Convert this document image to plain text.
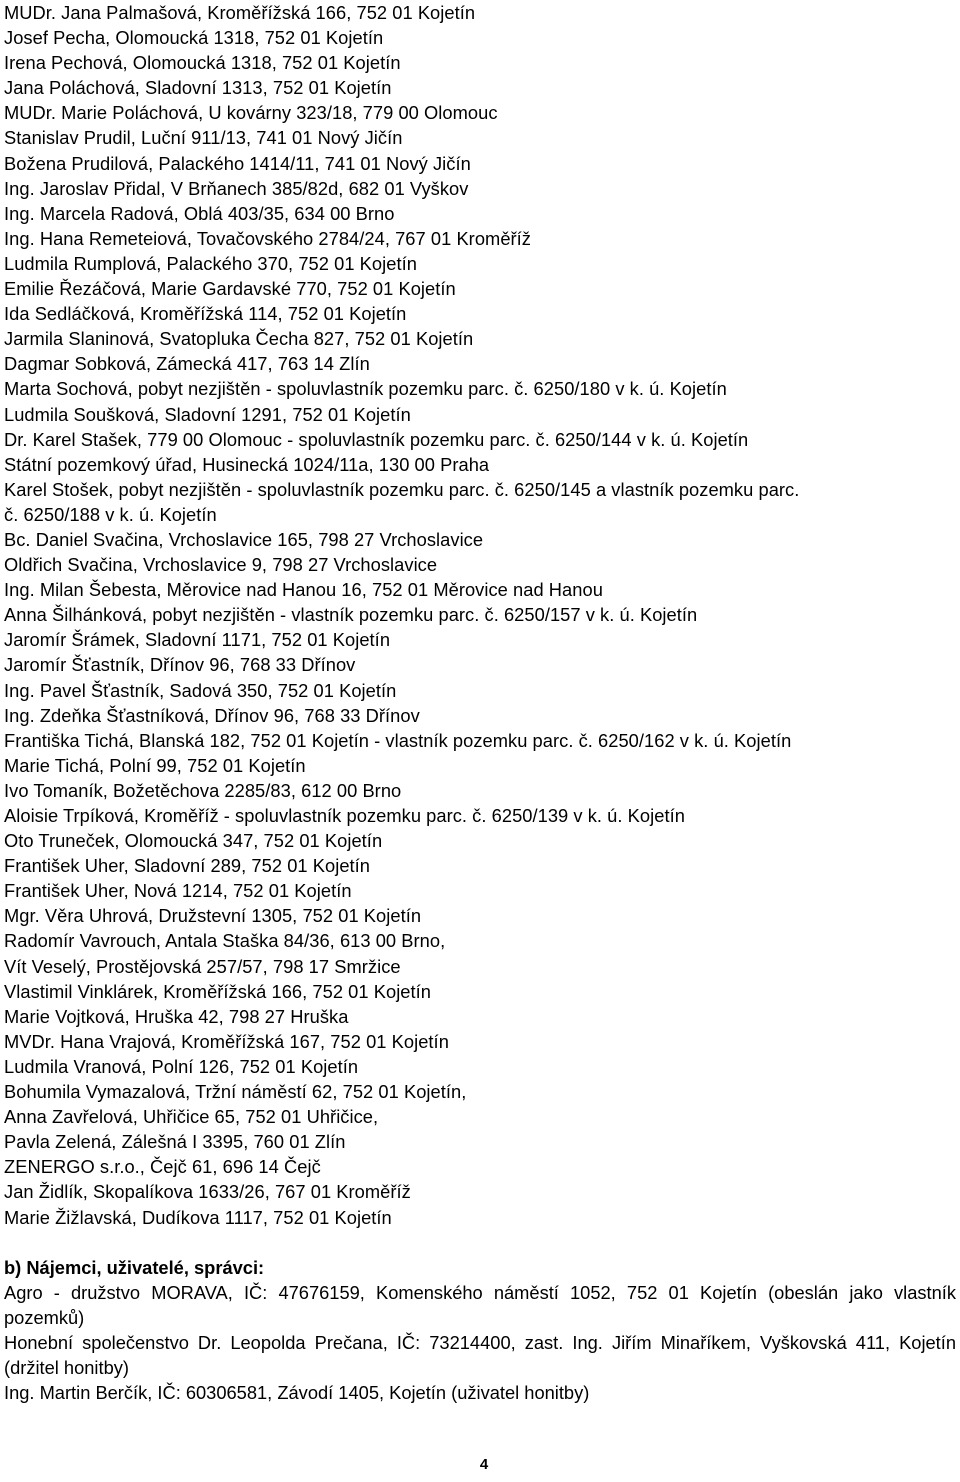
MUDr. Jana Palmašová, Kroměřížská 166, 752 01 Kojetín
Josef Pecha, Olomoucká 1318, 752 01 Kojetín
Irena Pechová, Olomoucká 1318, 752 01 Kojetín
Jana Poláchová, Sladovní 1313, 752 01 Kojetín
MUDr. Marie Poláchová, U kovárny 323/18, 779 00 Olomouc
Stanislav Prudil, Luční 911/13, 741 01 Nový Jičín
Božena Prudilová, Palackého 1414/11, 741 01 Nový Jičín
Ing. Jaroslav Přidal, V Brňanech 385/82d, 682 01 Vyškov
Ing. Marcela Radová, Oblá 403/35, 634 00 Brno
Ing. Hana Remeteiová, Tovačovského 2784/24, 767 01 Kroměříž
Ludmila Rumplová, Palackého 370, 752 01 Kojetín
Emilie Řezáčová, Marie Gardavské 770, 752 01 Kojetín
Ida Sedláčková, Kroměřížská 114, 752 01 Kojetín
Jarmila Slaninová, Svatopluka Čecha 827, 752 01 Kojetín
Dagmar Sobková, Zámecká 417, 763 14 Zlín
Marta Sochová, pobyt nezjištěn - spoluvlastník pozemku parc. č. 6250/180 v k. ú. Kojetín
Ludmila Soušková, Sladovní 1291, 752 01 Kojetín
Dr. Karel Stašek, 779 00 Olomouc - spoluvlastník pozemku parc. č. 6250/144 v k. ú. Kojetín
Státní pozemkový úřad, Husinecká 1024/11a, 130 00 Praha
Karel Stošek, pobyt nezjištěn - spoluvlastník pozemku parc. č. 6250/145 a vlastník pozemku parc.
č. 6250/188 v k. ú. Kojetín
Bc. Daniel Svačina, Vrchoslavice 165, 798 27 Vrchoslavice
Oldřich Svačina, Vrchoslavice 9, 798 27 Vrchoslavice
Ing. Milan Šebesta, Měrovice nad Hanou 16, 752 01 Měrovice nad Hanou
Anna Šilhánková, pobyt nezjištěn - vlastník pozemku parc. č. 6250/157 v k. ú. Kojetín
Jaromír Šrámek, Sladovní 1171, 752 01 Kojetín
Jaromír Šťastník, Dřínov 96, 768 33 Dřínov
Ing. Pavel Šťastník, Sadová 350, 752 01 Kojetín
Ing. Zdeňka Šťastníková, Dřínov 96, 768 33 Dřínov
Františka Tichá, Blanská 182, 752 01 Kojetín - vlastník pozemku parc. č. 6250/162 v k. ú. Kojetín
Marie Tichá, Polní 99, 752 01 Kojetín
Ivo Tomaník, Božetěchova 2285/83, 612 00 Brno
Aloisie Trpíková, Kroměříž - spoluvlastník pozemku parc. č. 6250/139 v k. ú. Kojetín
Oto Truneček, Olomoucká 347, 752 01 Kojetín
František Uher, Sladovní 289, 752 01 Kojetín
František Uher, Nová 1214, 752 01 Kojetín
Mgr. Věra Uhrová, Družstevní 1305, 752 01 Kojetín
Radomír Vavrouch, Antala Staška 84/36, 613 00 Brno,
Vít Veselý, Prostějovská 257/57, 798 17 Smržice
Vlastimil Vinklárek, Kroměřížská 166, 752 01 Kojetín
Marie Vojtková, Hruška 42, 798 27 Hruška
MVDr. Hana Vrajová, Kroměřížská 167, 752 01 Kojetín
Ludmila Vranová, Polní 126, 752 01 Kojetín
Bohumila Vymazalová, Tržní náměstí 62, 752 01 Kojetín,
Anna Zavřelová, Uhřičice 65, 752 01 Uhřičice,
Pavla Zelená, Zálešná I 3395, 760 01 Zlín
ZENERGO s.r.o., Čejč 61, 696 14 Čejč
Jan Židlík, Skopalíkova 1633/26, 767 01 Kroměříž
Marie Žižlavská, Dudíkova 1117, 752 01 Kojetín
b) Nájemci, uživatelé, správci:
Agro - družstvo MORAVA, IČ: 47676159, Komenského náměstí 1052, 752 01 Kojetín (obeslán jako vlastník pozemků)
Honební společenstvo Dr. Leopolda Prečana, IČ: 73214400, zast. Ing. Jiřím Minaříkem, Vyškovská 411, Kojetín (držitel honitby)
Ing. Martin Berčík, IČ: 60306581, Závodí 1405, Kojetín (uživatel honitby)
4
